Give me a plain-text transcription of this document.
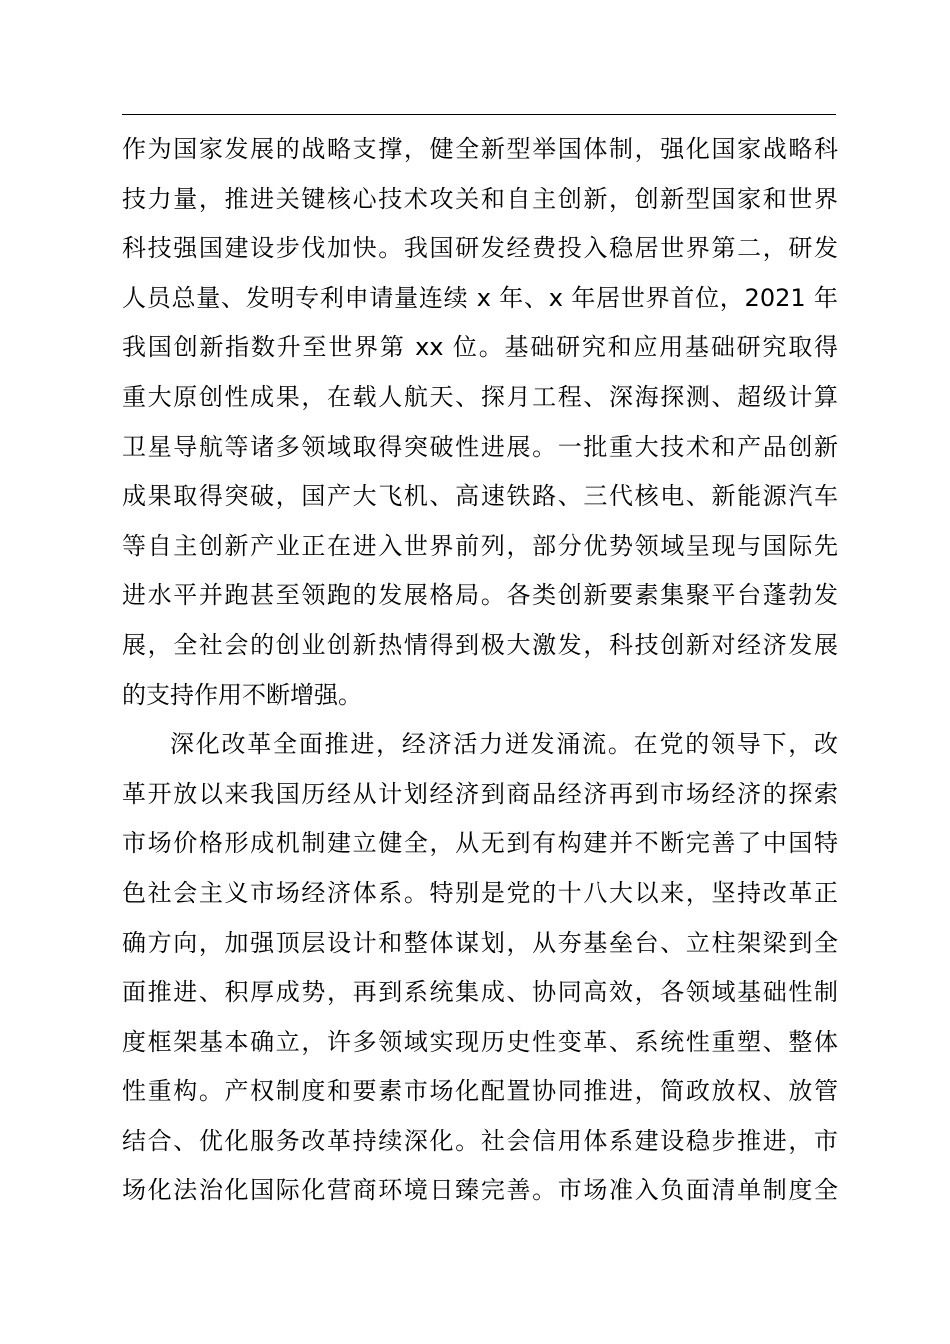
作为国家发展的战略支撑，健全新型举国体制，强化国家战略科
技力量，推进关键核心技术攻关和自主创新，创新型国家和世界
科技强国建设步伐加快。我国研发经费投入稳居世界第二，研发
人员总量、发明专利申请量连续 x 年、x 年居世界首位，2021 年
我国创新指数升至世界第 xx 位。基础研究和应用基础研究取得
重大原创性成果，在载人航天、探月工程、深海探测、超级计算
卫星导航等诸多领域取得突破性进展。一批重大技术和产品创新
成果取得突破，国产大飞机、高速铁路、三代核电、新能源汽车
等自主创新产业正在进入世界前列，部分优势领域呈现与国际先
进水平并跑甚至领跑的发展格局。各类创新要素集聚平台蓬勃发
展，全社会的创业创新热情得到极大激发，科技创新对经济发展
的支持作用不断增强。
深化改革全面推进，经济活力迸发涌流。在党的领导下，改
革开放以来我国历经从计划经济到商品经济再到市场经济的探索
市场价格形成机制建立健全，从无到有构建并不断完善了中国特
色社会主义市场经济体系。特别是党的十八大以来，坚持改革正
确方向，加强顶层设计和整体谋划，从夯基垒台、立柱架梁到全
面推进、积厚成势，再到系统集成、协同高效，各领域基础性制
度框架基本确立，许多领域实现历史性变革、系统性重塑、整体
性重构。产权制度和要素市场化配置协同推进，简政放权、放管
结合、优化服务改革持续深化。社会信用体系建设稳步推进，市
场化法治化国际化营商环境日臻完善。市场准入负面清单制度全
